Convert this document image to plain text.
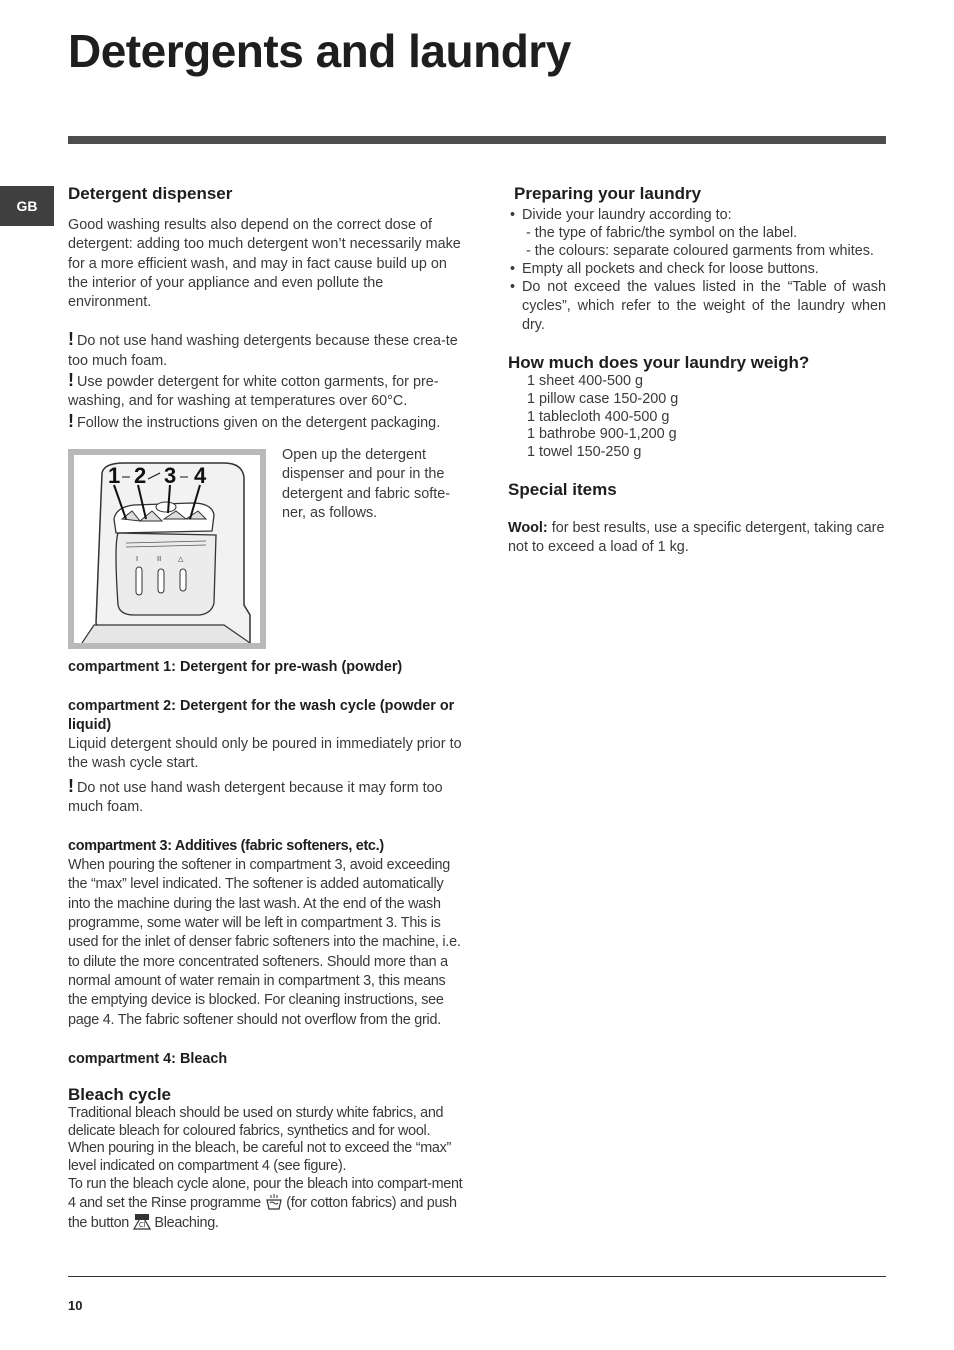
Detergents and laundry
GB
Detergent dispenser

Good washing results also depend on the correct dose of detergent: adding too much detergent won’t necessarily make for a more efficient wash, and may in fact cause build up on the interior of your appliance and even pollute the environment.

! Do not use hand washing detergents because these crea-te too much foam.
! Use powder detergent for white cotton garments, for pre-washing, and for washing at temperatures over 60°C.
! Follow the instructions given on the detergent packaging.
I	II △
1 2 3 4

Open up the detergent dispenser and pour in the detergent and fabric softe-ner, as follows.

compartment 1: Detergent for pre-wash (powder)
compartment 2: Detergent for the wash cycle (powder or liquid)

Liquid detergent should only be poured in immediately prior to the wash cycle start.

! Do not use hand wash detergent because it may form too much foam.
compartment 3: Additives (fabric softeners, etc.)

When pouring the softener in compartment 3, avoid exceeding the “max” level indicated. The softener is added automatically into the machine during the last wash. At the end of the wash programme, some water will be left in compartment 3. This is used for the inlet of denser fabric softeners into the machine, i.e. to dilute the more concentrated softeners. Should more than a normal amount of water remain in compartment 3, this means the emptying device is blocked. For cleaning instructions, see page 4. The fabric softener should not overflow from the grid.

compartment 4: Bleach
Bleach cycle

Traditional bleach should be used on sturdy white fabrics, and delicate bleach for coloured fabrics, synthetics and for wool. When pouring in the bleach, be careful not to exceed the “max” level indicated on compartment 4 (see figure).

To run the bleach cycle alone, pour the bleach into compart-ment 4 and set the Rinse programme (for cotton fabrics) and push the button Cl Bleaching.

Preparing your laundry
• Divide your laundry according to:
- the type of fabric/the symbol on the label.
- the colours: separate coloured garments from whites.
• Empty all pockets and check for loose buttons.
• Do not exceed the values listed in the “Table of wash cycles”, which refer to the weight of the laundry when dry.
How much does your laundry weigh?
1 sheet 400-500 g
1 pillow case 150-200 g
1 tablecloth 400-500 g
1 bathrobe 900-1,200 g
1 towel 150-250 g
Special items

Wool: for best results, use a specific detergent, taking care not to exceed a load of 1 kg.

10
